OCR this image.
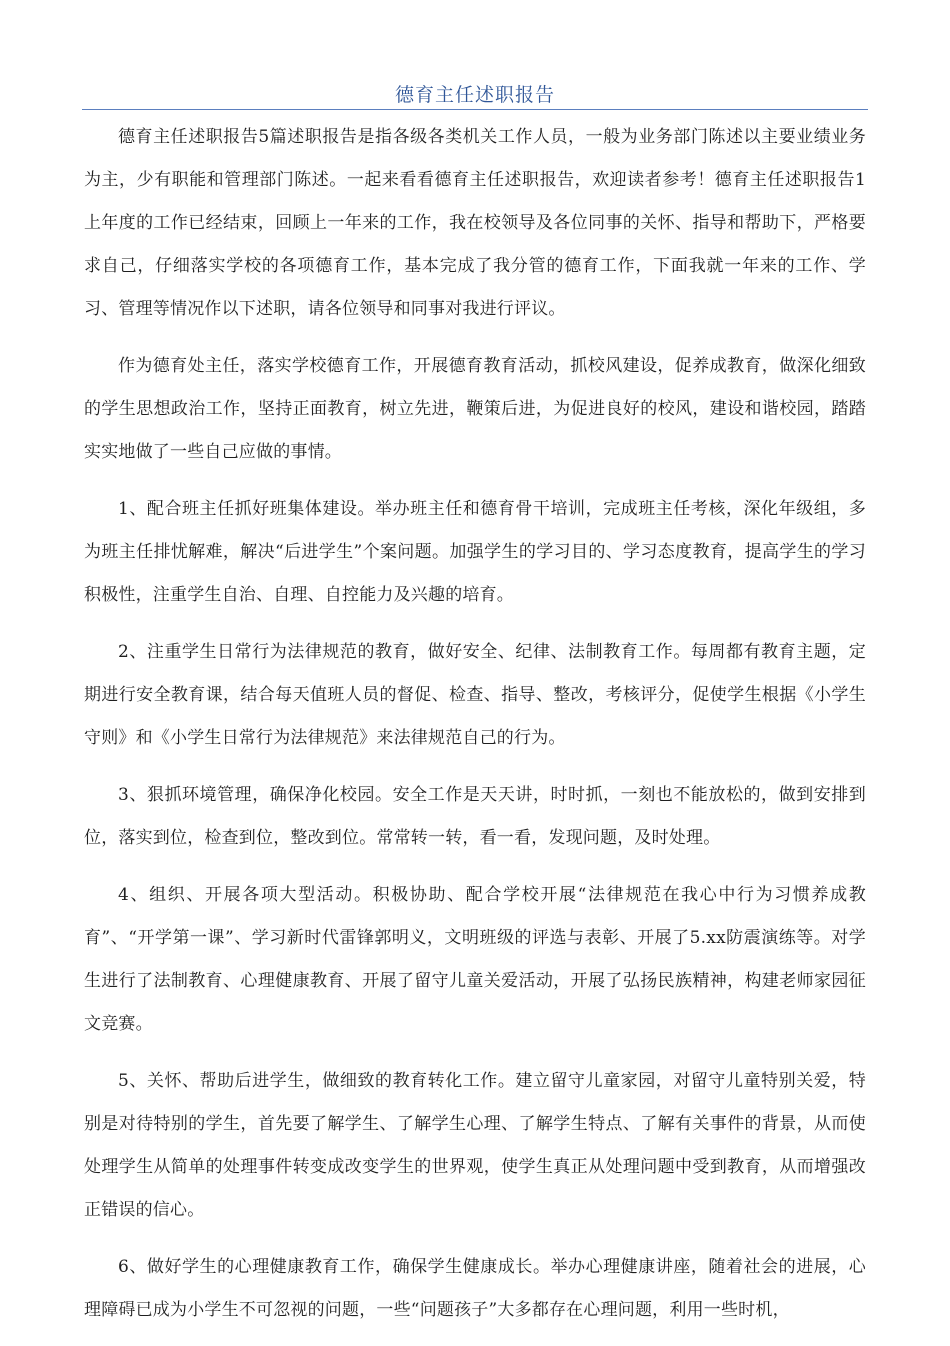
德育主任述职报告

德育主任述职报告5篇述职报告是指各级各类机关工作人员，一般为业务部门陈述以主要业绩业务为主，少有职能和管理部门陈述。一起来看看德育主任述职报告，欢迎读者参考！德育主任述职报告1上年度的工作已经结束，回顾上一年来的工作，我在校领导及各位同事的关怀、指导和帮助下，严格要求自己，仔细落实学校的各项德育工作，基本完成了我分管的德育工作，下面我就一年来的工作、学习、管理等情况作以下述职，请各位领导和同事对我进行评议。

作为德育处主任，落实学校德育工作，开展德育教育活动，抓校风建设，促养成教育，做深化细致的学生思想政治工作，坚持正面教育，树立先进，鞭策后进，为促进良好的校风，建设和谐校园，踏踏实实地做了一些自己应做的事情。

1、配合班主任抓好班集体建设。举办班主任和德育骨干培训，完成班主任考核，深化年级组，多为班主任排忧解难，解决“后进学生”个案问题。加强学生的学习目的、学习态度教育，提高学生的学习积极性，注重学生自治、自理、自控能力及兴趣的培育。

2、注重学生日常行为法律规范的教育，做好安全、纪律、法制教育工作。每周都有教育主题，定期进行安全教育课，结合每天值班人员的督促、检查、指导、整改，考核评分，促使学生根据《小学生守则》和《小学生日常行为法律规范》来法律规范自己的行为。

3、狠抓环境管理，确保净化校园。安全工作是天天讲，时时抓，一刻也不能放松的，做到安排到位，落实到位，检查到位，整改到位。常常转一转，看一看，发现问题，及时处理。

4、组织、开展各项大型活动。积极协助、配合学校开展“法律规范在我心中行为习惯养成教育”、“开学第一课”、学习新时代雷锋郭明义，文明班级的评选与表彰、开展了5.xx防震演练等。对学生进行了法制教育、心理健康教育、开展了留守儿童关爱活动，开展了弘扬民族精神，构建老师家园征文竞赛。

5、关怀、帮助后进学生，做细致的教育转化工作。建立留守儿童家园，对留守儿童特别关爱，特别是对待特别的学生，首先要了解学生、了解学生心理、了解学生特点、了解有关事件的背景，从而使处理学生从简单的处理事件转变成改变学生的世界观，使学生真正从处理问题中受到教育，从而增强改正错误的信心。

6、做好学生的心理健康教育工作，确保学生健康成长。举办心理健康讲座，随着社会的进展，心理障碍已成为小学生不可忽视的问题，一些“问题孩子”大多都存在心理问题，利用一些时机，
